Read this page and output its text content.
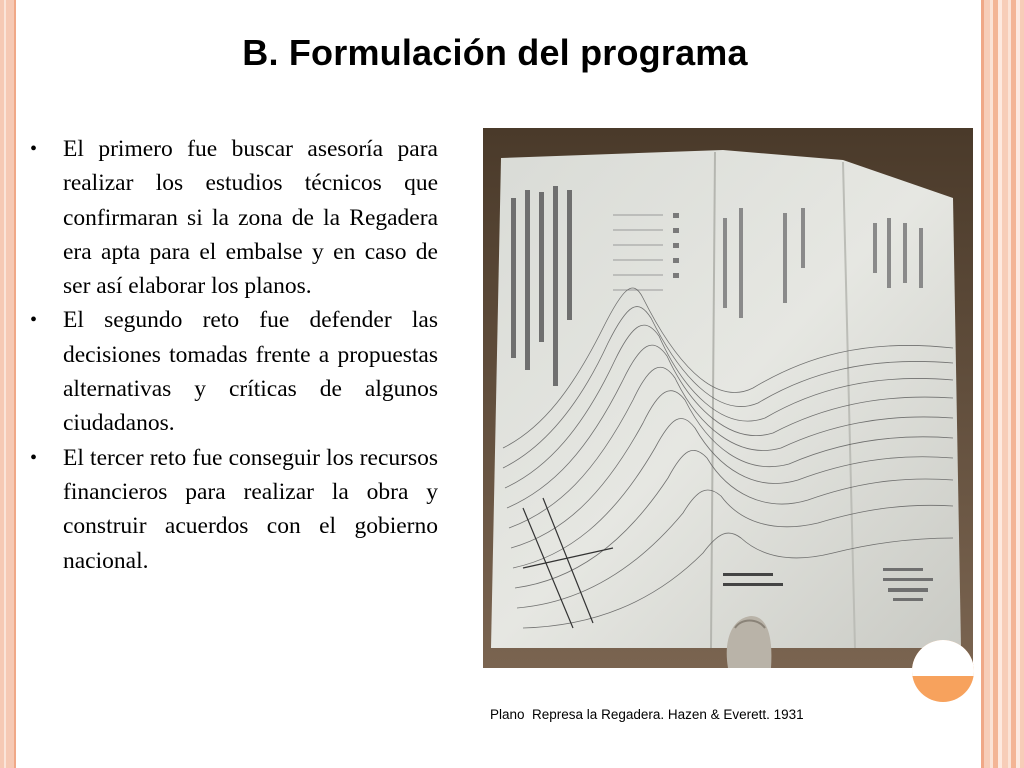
B. Formulación del programa
• El primero fue buscar asesoría para realizar los estudios técnicos que confirmaran si la zona de la Regadera era apta para el embalse y en caso de ser así elaborar los planos.
• El segundo reto fue defender las decisiones tomadas frente a propuestas alternativas y críticas de algunos ciudadanos.
• El tercer reto fue conseguir los recursos financieros para realizar la obra y construir acuerdos con el gobierno nacional.
Plano  Represa la Regadera. Hazen & Everett. 1931
